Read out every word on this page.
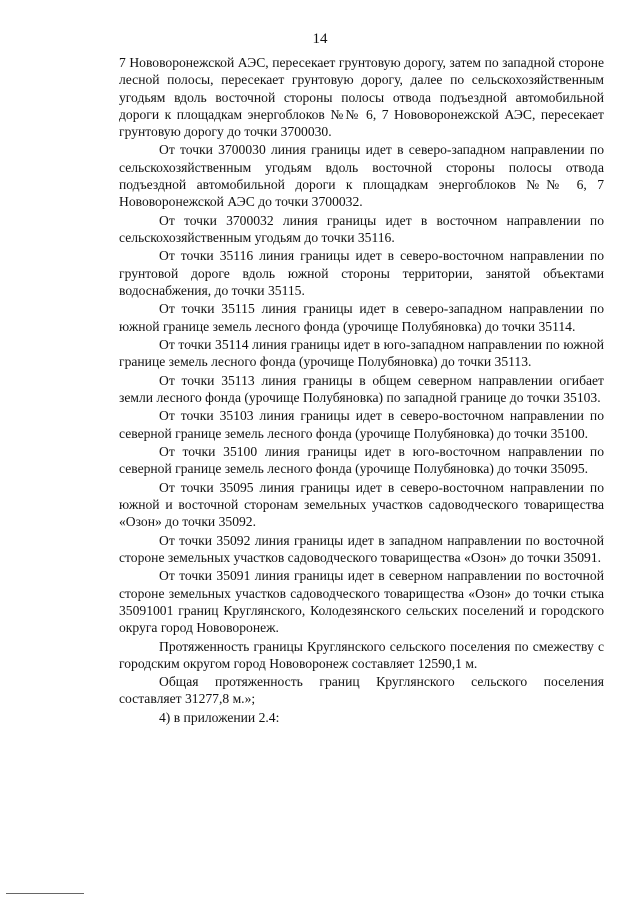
14

7 Нововоронежской АЭС, пересекает грунтовую дорогу, затем по западной стороне лесной полосы, пересекает грунтовую дорогу, далее по сельскохозяйственным угодьям вдоль восточной стороны полосы отвода подъездной автомобильной дороги к площадкам энергоблоков №№ 6, 7 Нововоронежской АЭС, пересекает грунтовую дорогу до точки 3700030.

От точки 3700030 линия границы идет в северо-западном направлении по сельскохозяйственным угодьям вдоль восточной стороны полосы отвода подъездной автомобильной дороги к площадкам энергоблоков №№ 6, 7 Нововоронежской АЭС до точки 3700032.

От точки 3700032 линия границы идет в восточном направлении по сельскохозяйственным угодьям до точки 35116.

От точки 35116 линия границы идет в северо-восточном направлении по грунтовой дороге вдоль южной стороны территории, занятой объектами водоснабжения, до точки 35115.

От точки 35115 линия границы идет в северо-западном направлении по южной границе земель лесного фонда (урочище Полубяновка) до точки 35114.

От точки 35114 линия границы идет в юго-западном направлении по южной границе земель лесного фонда (урочище Полубяновка) до точки 35113.

От точки 35113 линия границы в общем северном направлении огибает земли лесного фонда (урочище Полубяновка) по западной границе до точки 35103.

От точки 35103 линия границы идет в северо-восточном направлении по северной границе земель лесного фонда (урочище Полубяновка) до точки 35100.

От точки 35100 линия границы идет в юго-восточном направлении по северной границе земель лесного фонда (урочище Полубяновка) до точки 35095.

От точки 35095 линия границы идет в северо-восточном направлении по южной и восточной сторонам земельных участков садоводческого товарищества «Озон» до точки 35092.

От точки 35092 линия границы идет в западном направлении по восточной стороне земельных участков садоводческого товарищества «Озон» до точки 35091.

От точки 35091 линия границы идет в северном направлении по восточной стороне земельных участков садоводческого товарищества «Озон» до точки стыка 35091001 границ Круглянского, Колодезянского сельских поселений и городского округа город Нововоронеж.

Протяженность границы Круглянского сельского поселения по смежеству с городским округом город Нововоронеж составляет 12590,1 м.

Общая протяженность границ Круглянского сельского поселения составляет 31277,8 м.»;

4) в приложении 2.4:
